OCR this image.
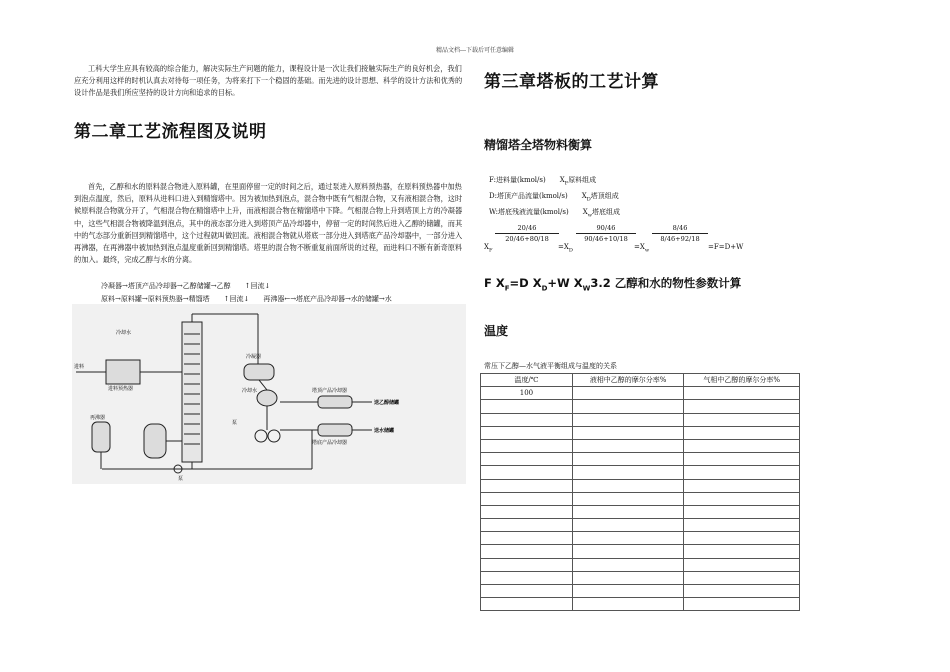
精品文档---下载后可任意编辑

工科大学生应具有较高的综合能力，解决实际生产问题的能力，课程设计是一次让我们接触实际生产的良好机会，我们应充分利用这样的时机认真去对待每一项任务，为将来打下一个稳固的基础。而先进的设计思想、科学的设计方法和优秀的设计作品是我们所应坚持的设计方向和追求的目标。

第二章工艺流程图及说明

首先，乙醇和水的原料混合物进入原料罐，在里面停留一定的时间之后，通过泵进入原料预热器，在原料预热器中加热到泡点温度，然后，原料从进料口进入到精馏塔中。因为被加热到泡点，混合物中既有气相混合物，又有液相混合物，这时候原料混合物就分开了，气相混合物在精馏塔中上升，而液相混合物在精馏塔中下降。气相混合物上升到塔顶上方的冷凝器中，这些气相混合物被降温到泡点，其中的液态部分进入到塔顶产品冷却器中，停留一定的时间然后进入乙醇的储罐，而其中的气态部分重新回到精馏塔中，这个过程就叫做回流。液相混合物就从塔底一部分进入到塔底产品冷却器中，一部分进入再沸器，在再沸器中被加热到泡点温度重新回到精馏塔。塔里的混合物不断重复前面所说的过程，而进料口不断有新奇原料的加入。最终，完成乙醇与水的分离。

冷凝器→塔顶产品冷却器→乙醇储罐→乙醇　　↑回流↓
原料→原料罐→原料预热器→精馏塔　　↑回流↓　　再沸器←→塔底产品冷却器→水的储罐→水
进料
冷却水
进料预热器
再沸器
泵
泵
冷凝器
冷却水	塔顶产品冷却器
塔底产品冷却器
送乙醇储罐
送水储罐
第三章塔板的工艺计算
精馏塔全塔物料衡算
F:进料量(kmol/s)　　$X_F$原料组成
D:塔顶产品流量(kmol/s)　　$X_D$塔顶组成
W:塔底残液流量(kmol/s)　　$X_w$塔底组成
$X_F$
$\frac{20/46}{20/46+80/18}$
$=X_D$
$\frac{90/46}{90/46+10/18}$
$=X_w$
$\frac{8/46}{8/46+92/18}$
=F=D+W
F $X_F=D$ $X_D+W$ $X_W3.2$ 乙醇和水的物性参数计算
温度
常压下乙醇—水气液平衡组成与温度的关系
温度/℃	液相中乙醇的摩尔分率%	气相中乙醇的摩尔分率%
100		
